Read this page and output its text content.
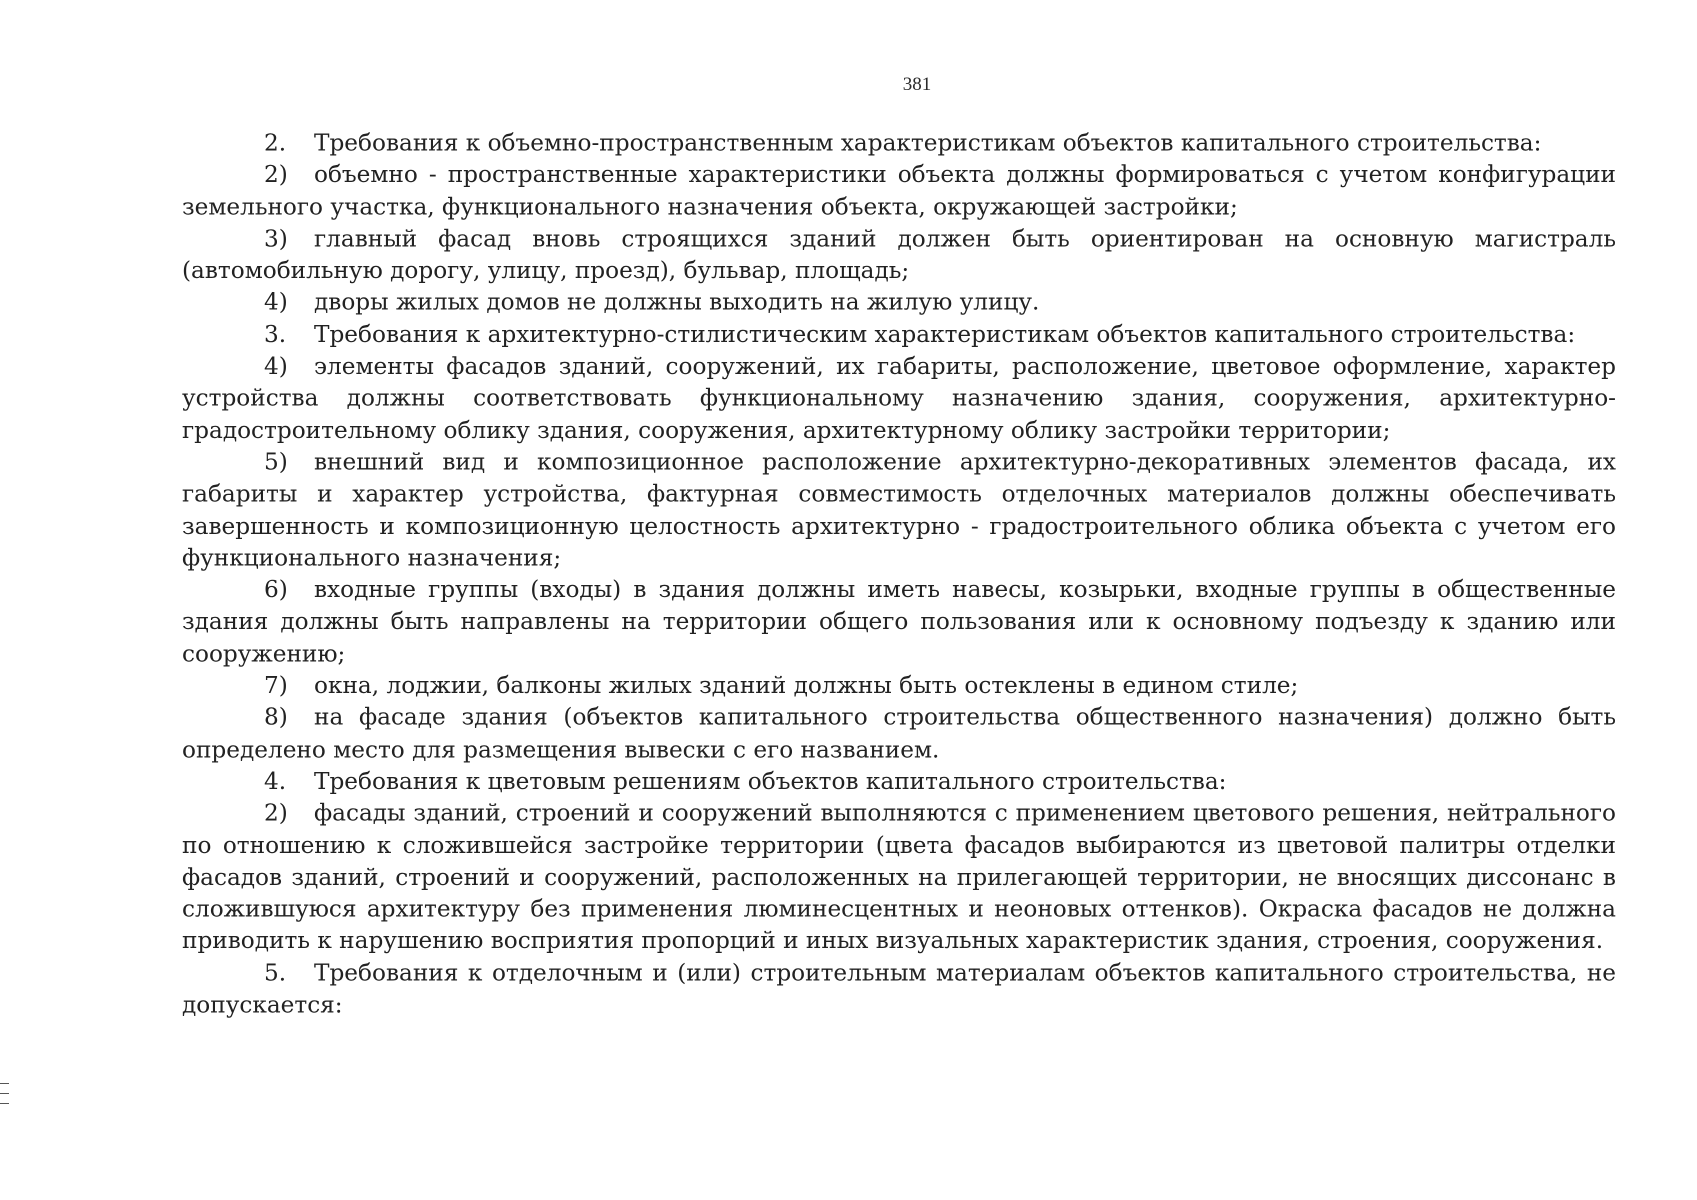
381

2. Требования к объемно-пространственным характеристикам объектов капитального строительства:

2) объемно - пространственные характеристики объекта должны формироваться с учетом конфигурации земельного участка, функционального назначения объекта, окружающей застройки;

3) главный фасад вновь строящихся зданий должен быть ориентирован на основную магистраль (автомобильную дорогу, улицу, проезд), бульвар, площадь;

4) дворы жилых домов не должны выходить на жилую улицу.

3. Требования к архитектурно-стилистическим характеристикам объектов капитального строительства:

4) элементы фасадов зданий, сооружений, их габариты, расположение, цветовое оформление, характер устройства должны соответствовать функциональному назначению здания, сооружения, архитектурно-градостроительному облику здания, сооружения, архитектурному облику застройки территории;

5) внешний вид и композиционное расположение архитектурно-декоративных элементов фасада, их габариты и характер устройства, фактурная совместимость отделочных материалов должны обеспечивать завершенность и композиционную целостность архитектурно - градостроительного облика объекта с учетом его функционального назначения;

6) входные группы (входы) в здания должны иметь навесы, козырьки, входные группы в общественные здания должны быть направлены на территории общего пользования или к основному подъезду к зданию или сооружению;

7) окна, лоджии, балконы жилых зданий должны быть остеклены в едином стиле;

8) на фасаде здания (объектов капитального строительства общественного назначения) должно быть определено место для размещения вывески с его названием.

4. Требования к цветовым решениям объектов капитального строительства:

2) фасады зданий, строений и сооружений выполняются с применением цветового решения, нейтрального по отношению к сложившейся застройке территории (цвета фасадов выбираются из цветовой палитры отделки фасадов зданий, строений и сооружений, расположенных на прилегающей территории, не вносящих диссонанс в сложившуюся архитектуру без применения люминесцентных и неоновых оттенков). Окраска фасадов не должна приводить к нарушению восприятия пропорций и иных визуальных характеристик здания, строения, сооружения.

5. Требования к отделочным и (или) строительным материалам объектов капитального строительства, не допускается:
